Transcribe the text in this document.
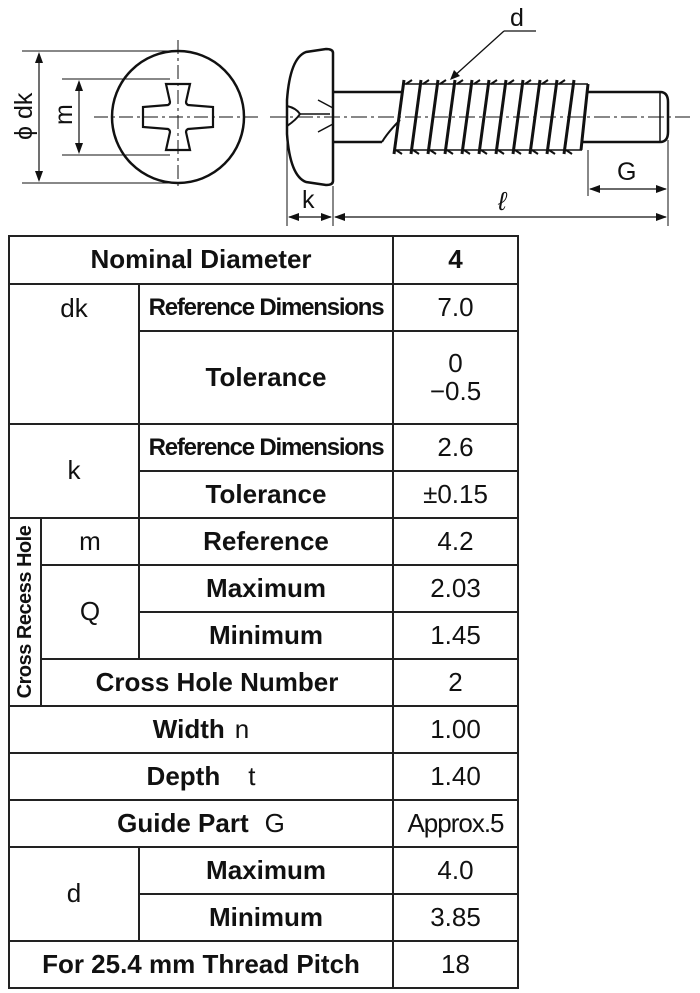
ϕ dk m
d
k	ℓ
G
Nominal Diameter			4
dk		Reference Dimensions	7.0
		Tolerance	0
−0.5

k		Reference Dimensions	2.6
		Tolerance	±0.15

Cross Recess Hole	m	Reference	4.2
	Q	Maximum	2.03
		Minimum	1.45
	Cross Hole Number		2
Width n			1.00
Depth t			1.40
Guide Part G			Approx.5
d		Maximum	4.0
		Minimum	3.85
For 25.4 mm Thread Pitch			18
